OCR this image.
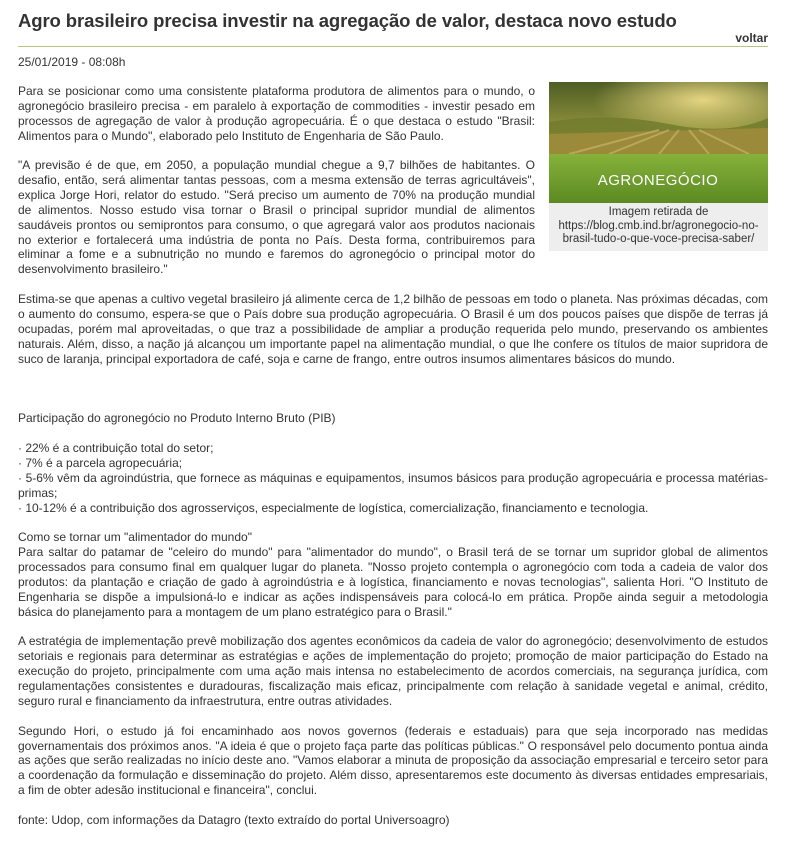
Agro brasileiro precisa investir na agregação de valor, destaca novo estudo
voltar
25/01/2019 - 08:08h
AGRONEGÓCIO
Imagem retirada de https://blog.cmb.ind.br/agronegocio-no-brasil-tudo-o-que-voce-precisa-saber/

Para se posicionar como uma consistente plataforma produtora de alimentos para o mundo, o agronegócio brasileiro precisa - em paralelo à exportação de commodities - investir pesado em processos de agregação de valor à produção agropecuária. É o que destaca o estudo "Brasil: Alimentos para o Mundo", elaborado pelo Instituto de Engenharia de São Paulo.

"A previsão é de que, em 2050, a população mundial chegue a 9,7 bilhões de habitantes. O desafio, então, será alimentar tantas pessoas, com a mesma extensão de terras agricultáveis", explica Jorge Hori, relator do estudo. "Será preciso um aumento de 70% na produção mundial de alimentos. Nosso estudo visa tornar o Brasil o principal supridor mundial de alimentos saudáveis prontos ou semiprontos para consumo, o que agregará valor aos produtos nacionais no exterior e fortalecerá uma indústria de ponta no País. Desta forma, contribuiremos para eliminar a fome e a subnutrição no mundo e faremos do agronegócio o principal motor do desenvolvimento brasileiro."

Estima-se que apenas a cultivo vegetal brasileiro já alimente cerca de 1,2 bilhão de pessoas em todo o planeta. Nas próximas décadas, com o aumento do consumo, espera-se que o País dobre sua produção agropecuária. O Brasil é um dos poucos países que dispõe de terras já ocupadas, porém mal aproveitadas, o que traz a possibilidade de ampliar a produção requerida pelo mundo, preservando os ambientes naturais. Além, disso, a nação já alcançou um importante papel na alimentação mundial, o que lhe confere os títulos de maior supridora de suco de laranja, principal exportadora de café, soja e carne de frango, entre outros insumos alimentares básicos do mundo.

Participação do agronegócio no Produto Interno Bruto (PIB)

· 22% é a contribuição total do setor;

· 7% é a parcela agropecuária;

· 5-6% vêm da agroindústria, que fornece as máquinas e equipamentos, insumos básicos para produção agropecuária e processa matérias-primas;

· 10-12% é a contribuição dos agrosserviços, especialmente de logística, comercialização, financiamento e tecnologia.

Como se tornar um "alimentador do mundo"

Para saltar do patamar de "celeiro do mundo" para "alimentador do mundo", o Brasil terá de se tornar um supridor global de alimentos processados para consumo final em qualquer lugar do planeta. "Nosso projeto contempla o agronegócio com toda a cadeia de valor dos produtos: da plantação e criação de gado à agroindústria e à logística, financiamento e novas tecnologias", salienta Hori. "O Instituto de Engenharia se dispõe a impulsioná-lo e indicar as ações indispensáveis para colocá-lo em prática. Propõe ainda seguir a metodologia básica do planejamento para a montagem de um plano estratégico para o Brasil."

A estratégia de implementação prevê mobilização dos agentes econômicos da cadeia de valor do agronegócio; desenvolvimento de estudos setoriais e regionais para determinar as estratégias e ações de implementação do projeto; promoção de maior participação do Estado na execução do projeto, principalmente com uma ação mais intensa no estabelecimento de acordos comerciais, na segurança jurídica, com regulamentações consistentes e duradouras, fiscalização mais eficaz, principalmente com relação à sanidade vegetal e animal, crédito, seguro rural e financiamento da infraestrutura, entre outras atividades.

Segundo Hori, o estudo já foi encaminhado aos novos governos (federais e estaduais) para que seja incorporado nas medidas governamentais dos próximos anos. "A ideia é que o projeto faça parte das políticas públicas." O responsável pelo documento pontua ainda as ações que serão realizadas no início deste ano. "Vamos elaborar a minuta de proposição da associação empresarial e terceiro setor para a coordenação da formulação e disseminação do projeto. Além disso, apresentaremos este documento às diversas entidades empresariais, a fim de obter adesão institucional e financeira", conclui.

fonte: Udop, com informações da Datagro (texto extraído do portal Universoagro)
